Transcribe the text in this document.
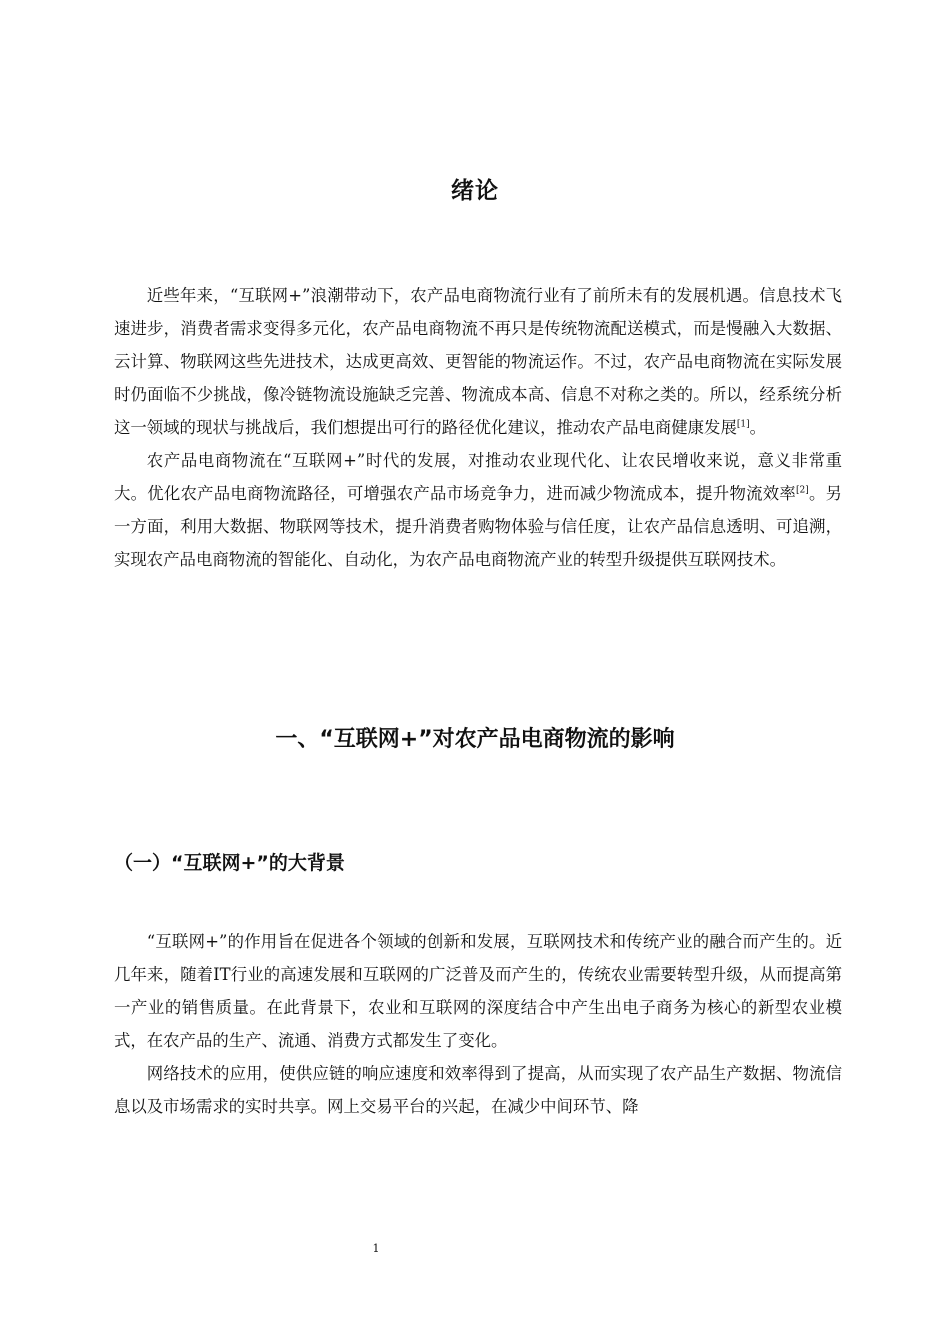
绪论

近些年来，“互联网+”浪潮带动下，农产品电商物流行业有了前所未有的发展机遇。信息技术飞速进步，消费者需求变得多元化，农产品电商物流不再只是传统物流配送模式，而是慢融入大数据、云计算、物联网这些先进技术，达成更高效、更智能的物流运作。不过，农产品电商物流在实际发展时仍面临不少挑战，像冷链物流设施缺乏完善、物流成本高、信息不对称之类的。所以，经系统分析这一领域的现状与挑战后，我们想提出可行的路径优化建议，推动农产品电商健康发展[1]。

农产品电商物流在“互联网+”时代的发展，对推动农业现代化、让农民增收来说，意义非常重大。优化农产品电商物流路径，可增强农产品市场竞争力，进而减少物流成本，提升物流效率[2]。另一方面，利用大数据、物联网等技术，提升消费者购物体验与信任度，让农产品信息透明、可追溯，实现农产品电商物流的智能化、自动化，为农产品电商物流产业的转型升级提供互联网技术。

一、“互联网+”对农产品电商物流的影响
（一）“互联网+”的大背景

“互联网+”的作用旨在促进各个领域的创新和发展，互联网技术和传统产业的融合而产生的。近几年来，随着IT行业的高速发展和互联网的广泛普及而产生的，传统农业需要转型升级，从而提高第一产业的销售质量。在此背景下，农业和互联网的深度结合中产生出电子商务为核心的新型农业模式，在农产品的生产、流通、消费方式都发生了变化。

网络技术的应用，使供应链的响应速度和效率得到了提高，从而实现了农产品生产数据、物流信息以及市场需求的实时共享。网上交易平台的兴起，在减少中间环节、降

1
